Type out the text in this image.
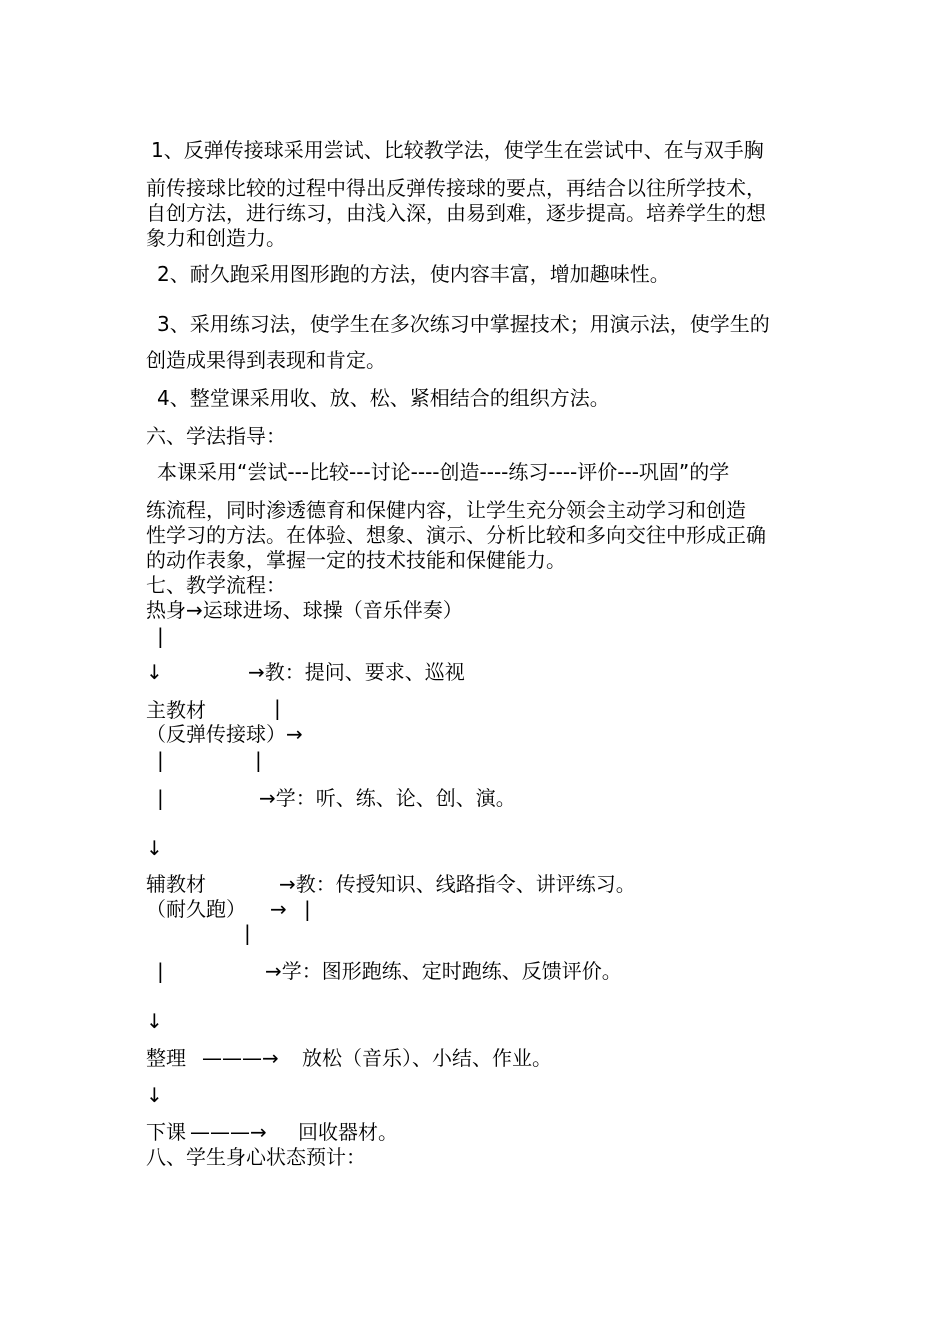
1、反弹传接球采用尝试、比较教学法，使学生在尝试中、在与双手胸
前传接球比较的过程中得出反弹传接球的要点，再结合以往所学技术，
自创方法，进行练习，由浅入深，由易到难，逐步提高。培养学生的想
象力和创造力。
2、耐久跑采用图形跑的方法，使内容丰富，增加趣味性。
3、采用练习法，使学生在多次练习中掌握技术；用演示法，使学生的
创造成果得到表现和肯定。
4、整堂课采用收、放、松、紧相结合的组织方法。
六、学法指导：
本课采用“尝试---比较---讨论----创造----练习----评价---巩固”的学
练流程，同时渗透德育和保健内容，让学生充分领会主动学习和创造
性学习的方法。在体验、想象、演示、分析比较和多向交往中形成正确
的动作表象，掌握一定的技术技能和保健能力。
七、教学流程：
热身→运球进场、球操（音乐伴奏）
|
↓	→教：提问、要求、巡视
主教材	|
（反弹传接球）→
|	|
|	→学：听、练、论、创、演。
↓
辅教材	→教：传授知识、线路指令、讲评练习。
（耐久跑） → |
|
|	→学：图形跑练、定时跑练、反馈评价。
↓
整理 ———→ 放松（音乐）、小结、作业。
↓
下课 ———→ 回收器材。
八、学生身心状态预计：
